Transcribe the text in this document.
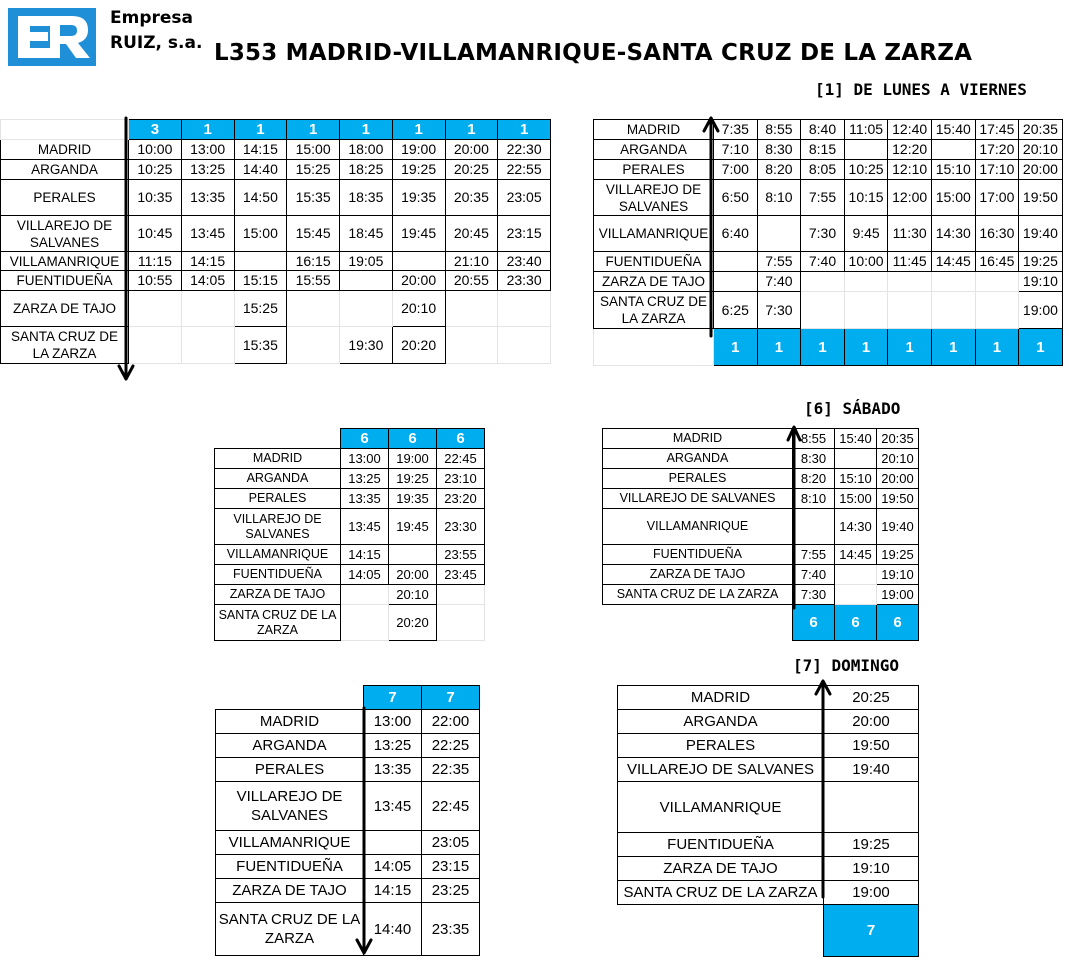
Empresa
RUIZ, s.a. L353 MADRID-VILLAMANRIQUE-SANTA CRUZ DE LA ZARZA
[1] DE LUNES A VIERNES
[6] SÁBADO
[7] DOMINGO
	3	1	1	1	1	1	1	1
MADRID	10:00	13:00	14:15	15:00	18:00	19:00	20:00	22:30
ARGANDA	10:25	13:25	14:40	15:25	18:25	19:25	20:25	22:55
PERALES	10:35	13:35	14:50	15:35	18:35	19:35	20:35	23:05
VILLAREJO DE SALVANES	10:45	13:45	15:00	15:45	18:45	19:45	20:45	23:15
VILLAMANRIQUE	11:15	14:15		16:15	19:05		21:10	23:40
FUENTIDUEÑA	10:55	14:05	15:15	15:55		20:00	20:55	23:30
ZARZA DE TAJO			15:25			20:10		
SANTA CRUZ DE LA ZARZA			15:35		19:30	20:20		
MADRID	7:35	8:55	8:40	11:05	12:40	15:40	17:45	20:35
ARGANDA	7:10	8:30	8:15		12:20		17:20	20:10
PERALES	7:00	8:20	8:05	10:25	12:10	15:10	17:10	20:00
VILLAREJO DE SALVANES	6:50	8:10	7:55	10:15	12:00	15:00	17:00	19:50
VILLAMANRIQUE	6:40		7:30	9:45	11:30	14:30	16:30	19:40
FUENTIDUEÑA		7:55	7:40	10:00	11:45	14:45	16:45	19:25
ZARZA DE TAJO		7:40						19:10
SANTA CRUZ DE LA ZARZA	6:25	7:30						19:00
	1	1	1	1	1	1	1	1
	6	6	6
MADRID	13:00	19:00	22:45
ARGANDA	13:25	19:25	23:10
PERALES	13:35	19:35	23:20
VILLAREJO DE SALVANES	13:45	19:45	23:30
VILLAMANRIQUE	14:15		23:55
FUENTIDUEÑA	14:05	20:00	23:45
ZARZA DE TAJO		20:10	
SANTA CRUZ DE LA ZARZA		20:20	
MADRID	8:55	15:40	20:35
ARGANDA	8:30		20:10
PERALES	8:20	15:10	20:00
VILLAREJO DE SALVANES	8:10	15:00	19:50
VILLAMANRIQUE		14:30	19:40
FUENTIDUEÑA	7:55	14:45	19:25
ZARZA DE TAJO	7:40		19:10
SANTA CRUZ DE LA ZARZA	7:30		19:00
	6	6	6
	7	7
MADRID	13:00	22:00
ARGANDA	13:25	22:25
PERALES	13:35	22:35
VILLAREJO DE SALVANES	13:45	22:45
VILLAMANRIQUE		23:05
FUENTIDUEÑA	14:05	23:15
ZARZA DE TAJO	14:15	23:25
SANTA CRUZ DE LA ZARZA	14:40	23:35
MADRID	20:25
ARGANDA	20:00
PERALES	19:50
VILLAREJO DE SALVANES	19:40
VILLAMANRIQUE	
FUENTIDUEÑA	19:25
ZARZA DE TAJO	19:10
SANTA CRUZ DE LA ZARZA	19:00
	7
